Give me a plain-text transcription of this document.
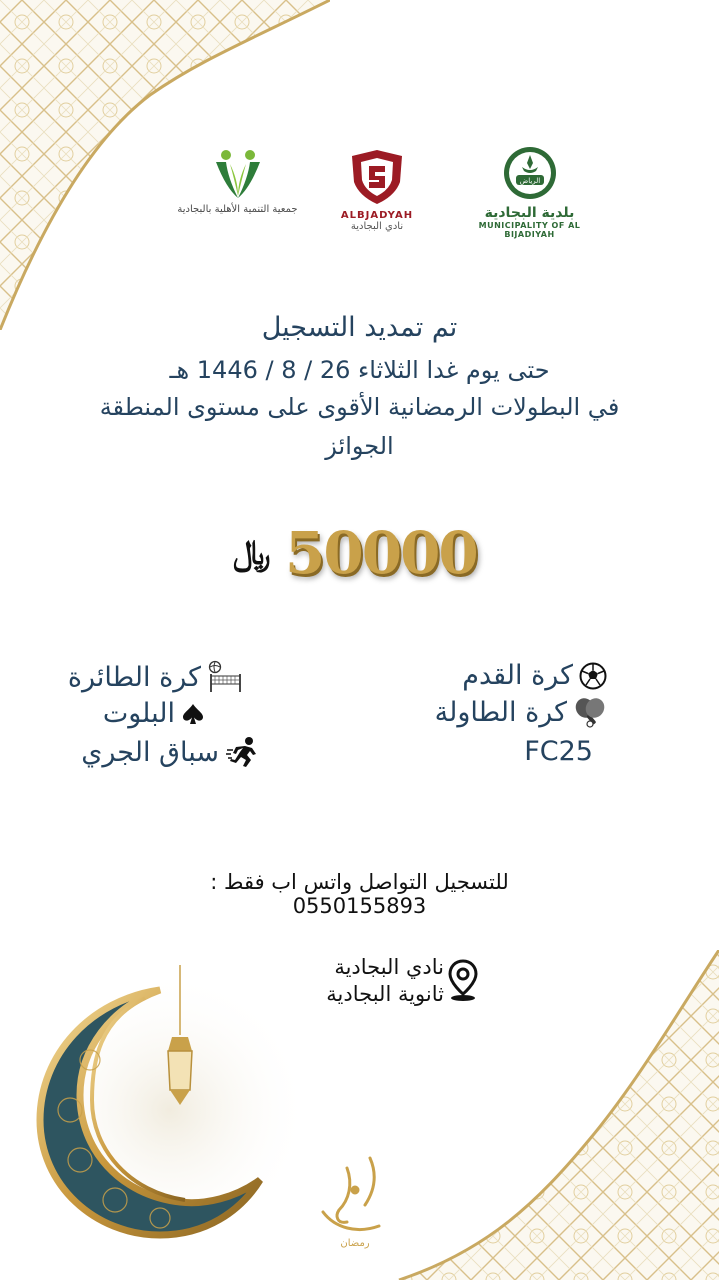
جمعية التنمية الأهلية بالبجادية
ALBJADYAH
نادي البجادية
الرياض
بلدية البجادية
MUNICIPALITY OF AL BIJADIYAH
تم تمديد التسجيل
حتى يوم غدا الثلاثاء 26 / 8 / 1446 هـ
في البطولات الرمضانية الأقوى على مستوى المنطقة
الجوائز
﷼ 50000
كرة القدم
كرة الطاولة
FC25
كرة الطائرة
البلوت
سباق الجري
للتسجيل التواصل واتس اب فقط :
0550155893
نادي البجادية
ثانوية البجادية
رمضان
